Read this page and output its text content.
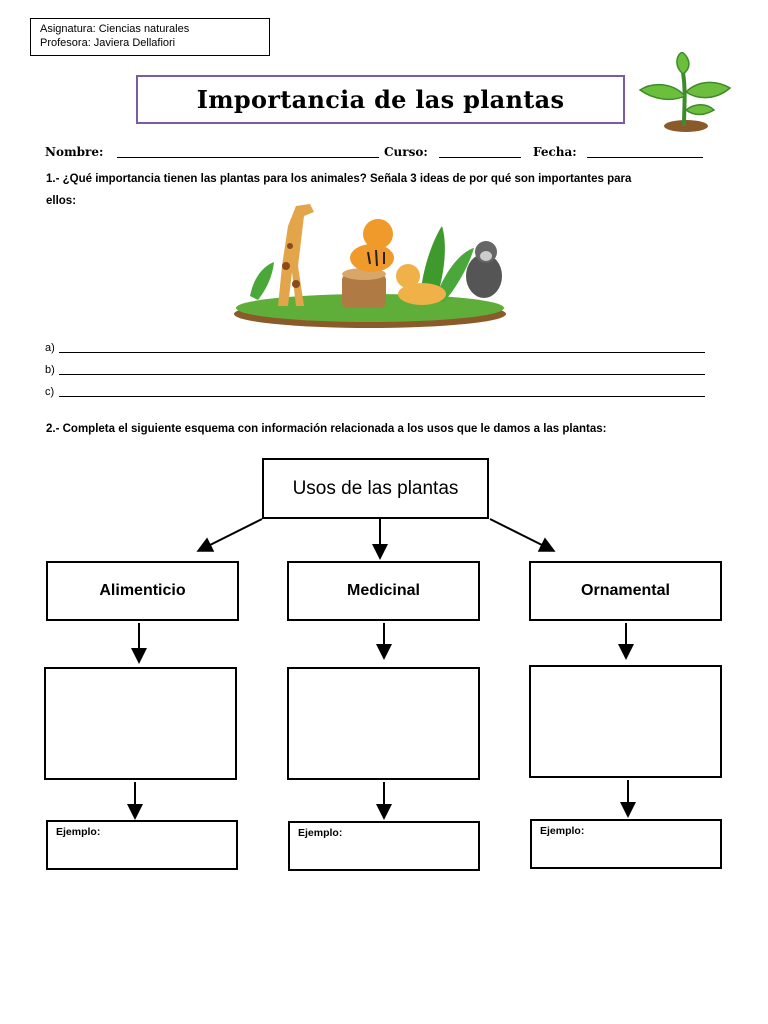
Asignatura: Ciencias naturales
Profesora: Javiera Dellafiori
Importancia de las plantas
Nombre:	Curso:	Fecha:
1.- ¿Qué importancia tienen las plantas para los animales? Señala 3 ideas de por qué son importantes para
ellos:
a)
b)
c)
2.- Completa el siguiente esquema con información relacionada a los usos que le damos a las plantas:
Usos de las plantas
Alimenticio	Medicinal	Ornamental
Ejemplo:	Ejemplo:	Ejemplo:
